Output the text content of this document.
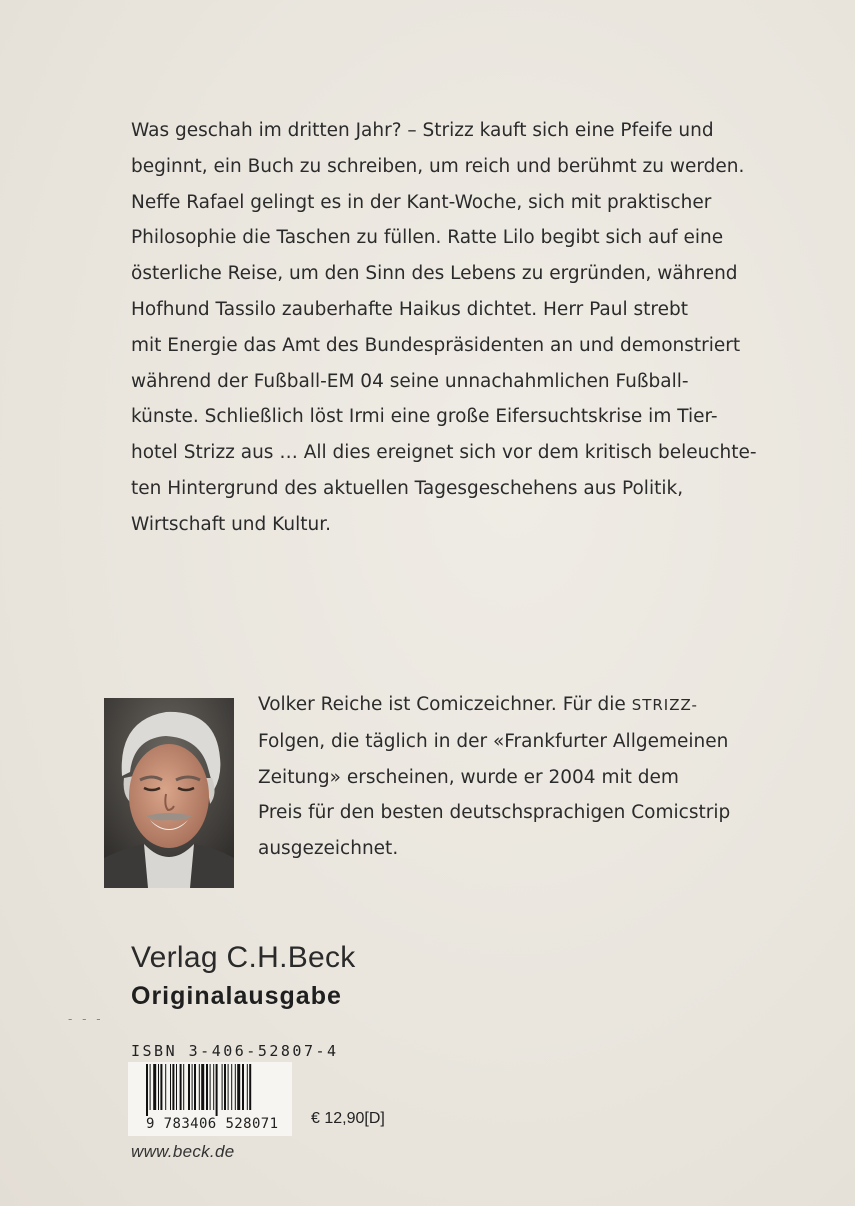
Was geschah im dritten Jahr? – Strizz kauft sich eine Pfeife und
beginnt, ein Buch zu schreiben, um reich und berühmt zu werden.
Neffe Rafael gelingt es in der Kant-Woche, sich mit praktischer
Philosophie die Taschen zu füllen. Ratte Lilo begibt sich auf eine
österliche Reise, um den Sinn des Lebens zu ergründen, während
Hofhund Tassilo zauberhafte Haikus dichtet. Herr Paul strebt
mit Energie das Amt des Bundespräsidenten an und demonstriert
während der Fußball-EM 04 seine unnachahmlichen Fußball-
künste. Schließlich löst Irmi eine große Eifersuchtskrise im Tier-
hotel Strizz aus … All dies ereignet sich vor dem kritisch beleuchte-
ten Hintergrund des aktuellen Tagesgeschehens aus Politik,
Wirtschaft und Kultur.
Volker Reiche ist Comiczeichner. Für die STRIZZ-
Folgen, die täglich in der «Frankfurter Allgemeinen
Zeitung» erscheinen, wurde er 2004 mit dem
Preis für den besten deutschsprachigen Comicstrip
ausgezeichnet.
Verlag C.H.Beck
Originalausgabe
- - -
ISBN 3-406-52807-4
9 783406 528071 € 12,90[D]
www.beck.de
